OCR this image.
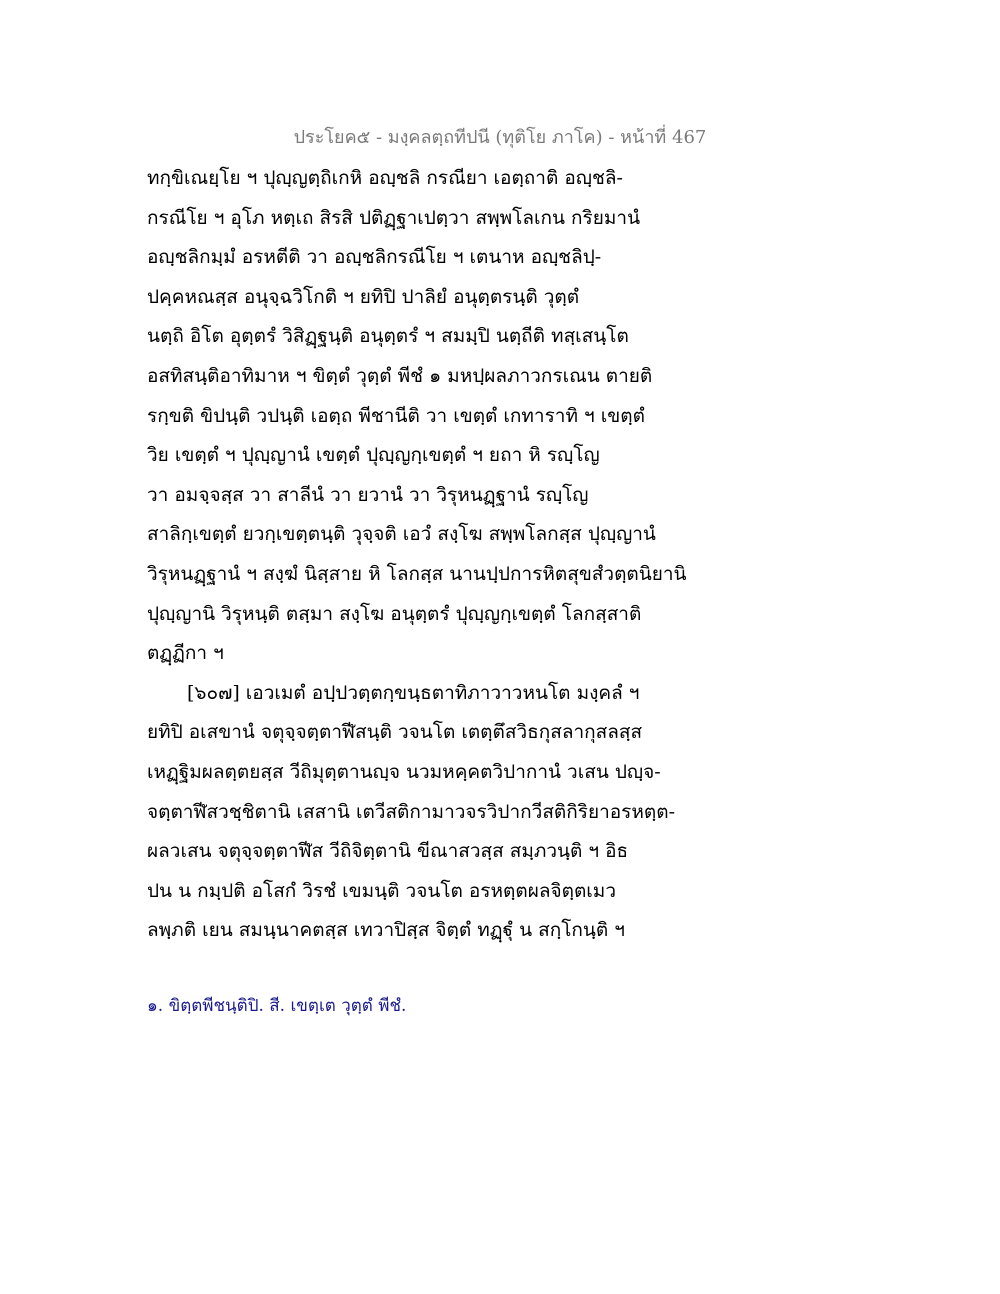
ประโยค๕ - มงฺคลตฺถทีปนี (ทุติโย ภาโค) - หน้าที่ 467
ทกฺขิเณยฺโย ฯ ปุญฺญตฺถิเกหิ อญฺชลิ กรณียา เอตฺถาติ อญฺชลิ-
กรณีโย ฯ อุโภ หตฺเถ สิรสิ ปติฏฺฐาเปตฺวา สพฺพโลเกน กริยมานํ
อญฺชลิกมฺมํ อรหตีติ วา อญฺชลิกรณีโย ฯ เตนาห อญฺชลิปฺ-
ปคฺคหณสฺส อนุจฺฉวิโกติ ฯ ยทิปิ ปาลิยํ อนุตฺตรนฺติ วุตฺตํ
นตฺถิ อิโต อุตฺตรํ วิสิฏฺฐนฺติ อนุตฺตรํ ฯ สมมฺปิ นตฺถีติ ทสฺเสนฺโต
อสทิสนฺติอาทิมาห ฯ ขิตฺตํ วุตฺตํ พีชํ ๑ มหปฺผลภาวกรเณน ตายติ
รกฺขติ ขิปนฺติ วปนฺติ เอตฺถ พีชานีติ วา เขตฺตํ เกทาราทิ ฯ เขตฺตํ
วิย เขตฺตํ ฯ ปุญฺญานํ เขตฺตํ ปุญฺญกฺเขตฺตํ ฯ ยถา หิ รญฺโญ
วา อมจฺจสฺส วา สาลีนํ วา ยวานํ วา วิรุหนฏฺฐานํ รญฺโญ
สาลิกฺเขตฺตํ ยวกฺเขตฺตนฺติ วุจฺจติ เอวํ สงฺโฆ สพฺพโลกสฺส ปุญฺญานํ
วิรุหนฏฺฐานํ ฯ สงฺฆํ นิสฺสาย หิ โลกสฺส นานปฺปการหิตสุขสํวตฺตนิยานิ
ปุญฺญานิ วิรุหนฺติ ตสฺมา สงฺโฆ อนุตฺตรํ ปุญฺญกฺเขตฺตํ โลกสฺสาติ
ตฏฺฏีกา ฯ
[๖๐๗] เอวเมตํ อปฺปวตฺตกฺขนฺธตาทิภาวาวหนโต มงฺคลํ ฯ
ยทิปิ อเสขานํ จตุจฺจตฺตาฬีสนฺติ วจนโต เตตฺตึสวิธกุสลากุสลสฺส
เหฏฺฐิมผลตฺตยสฺส วีถิมุตฺตานญฺจ นวมหคฺคตวิปากานํ วเสน ปญฺจ-
จตฺตาฬีสวชฺชิตานิ เสสานิ เตวีสติกามาวจรวิปากวีสติกิริยาอรหตฺต-
ผลวเสน จตุจฺจตฺตาฬีส วีถิจิตฺตานิ ขีณาสวสฺส สมฺภวนฺติ ฯ อิธ
ปน น กมฺปติ อโสกํ วิรชํ เขมนฺติ วจนโต อรหตฺตผลจิตฺตเมว
ลพฺภติ เยน สมนฺนาคตสฺส เทวาปิสฺส จิตฺตํ ทฏฺฐุํ น สกฺโกนฺติ ฯ
๑. ขิตฺตพีชนฺติปิ. สี. เขตฺเต วุตฺตํ พีชํ.
